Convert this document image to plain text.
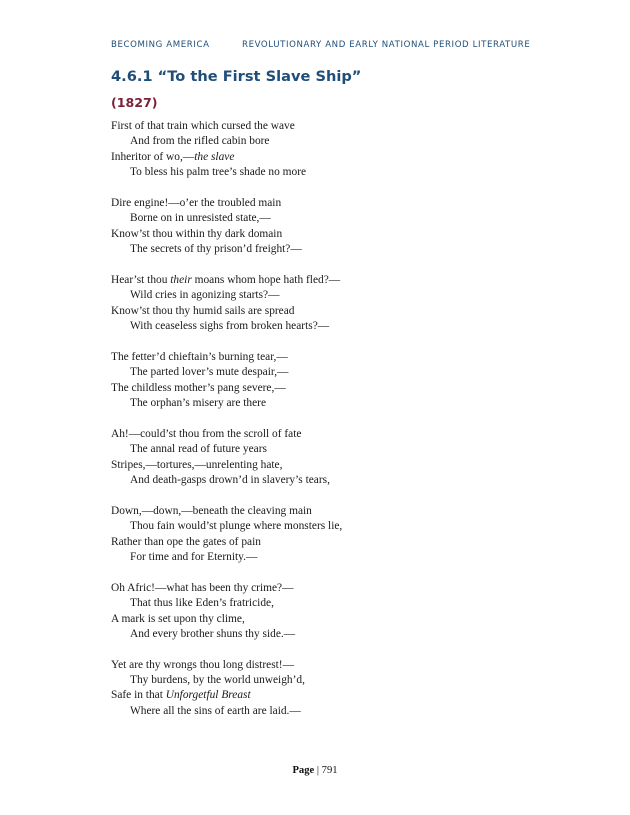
BECOMING AMERICA	REVOLUTIONARY AND EARLY NATIONAL PERIOD LITERATURE
4.6.1 “To the First Slave Ship”
(1827)
First of that train which cursed the wave
And from the rifled cabin bore
Inheritor of wo,—the slave
To bless his palm tree’s shade no more
Dire engine!—o’er the troubled main
Borne on in unresisted state,—
Know’st thou within thy dark domain
The secrets of thy prison’d freight?—
Hear’st thou their moans whom hope hath fled?—
Wild cries in agonizing starts?—
Know’st thou thy humid sails are spread
With ceaseless sighs from broken hearts?—
The fetter’d chieftain’s burning tear,—
The parted lover’s mute despair,—
The childless mother’s pang severe,—
The orphan’s misery are there
Ah!—could’st thou from the scroll of fate
The annal read of future years
Stripes,—tortures,—unrelenting hate,
And death-gasps drown’d in slavery’s tears,
Down,—down,—beneath the cleaving main
Thou fain would’st plunge where monsters lie,
Rather than ope the gates of pain
For time and for Eternity.—
Oh Afric!—what has been thy crime?—
That thus like Eden’s fratricide,
A mark is set upon thy clime,
And every brother shuns thy side.—
Yet are thy wrongs thou long distrest!—
Thy burdens, by the world unweigh’d,
Safe in that Unforgetful Breast
Where all the sins of earth are laid.—
Page | 791
